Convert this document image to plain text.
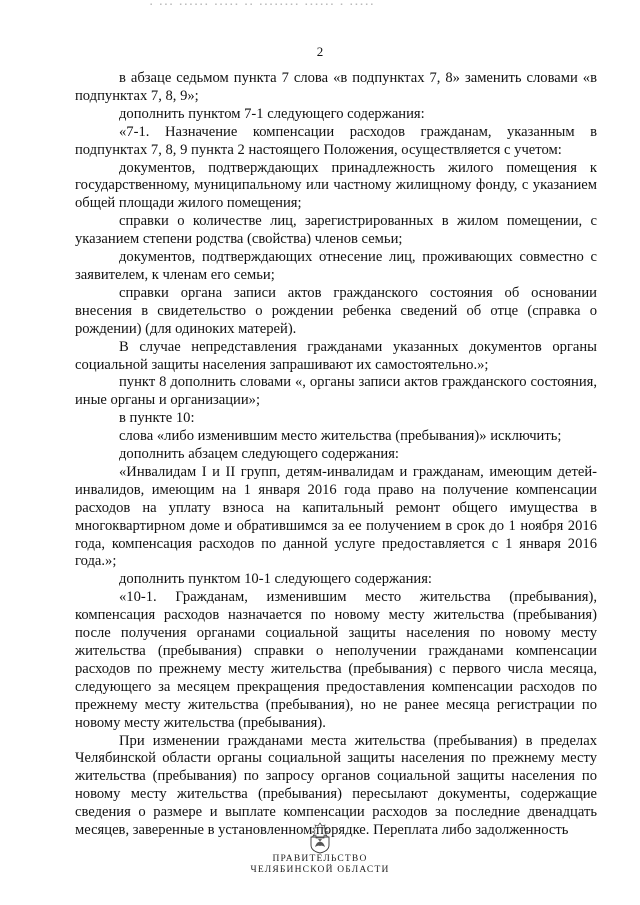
▪ ▪▪▪ ▪▪▪▪▪▪ ▪▪▪▪▪ ▪▪ ▪▪▪▪▪▪▪▪ ▪▪▪▪▪▪ ▪ ▪▪▪▪▪
2

в абзаце седьмом пункта 7 слова «в подпунктах 7, 8» заменить словами «в подпунктах 7, 8, 9»;

дополнить пунктом 7-1 следующего содержания:

«7-1. Назначение компенсации расходов гражданам, указанным в подпунктах 7, 8, 9 пункта 2 настоящего Положения, осуществляется с учетом:

документов, подтверждающих принадлежность жилого помещения к государственному, муниципальному или частному жилищному фонду, с указанием общей площади жилого помещения;

справки о количестве лиц, зарегистрированных в жилом помещении, с указанием степени родства (свойства) членов семьи;

документов, подтверждающих отнесение лиц, проживающих совместно с заявителем, к членам его семьи;

справки органа записи актов гражданского состояния об основании внесения в свидетельство о рождении ребенка сведений об отце (справка о рождении) (для одиноких матерей).

В случае непредставления гражданами указанных документов органы социальной защиты населения запрашивают их самостоятельно.»;

пункт 8 дополнить словами «, органы записи актов гражданского состояния, иные органы и организации»;

в пункте 10:

слова «либо изменившим место жительства (пребывания)» исключить;

дополнить абзацем следующего содержания:

«Инвалидам I и II групп, детям-инвалидам и гражданам, имеющим детей-инвалидов, имеющим на 1 января 2016 года право на получение компенсации расходов на уплату взноса на капитальный ремонт общего имущества в многоквартирном доме и обратившимся за ее получением в срок до 1 ноября 2016 года, компенсация расходов по данной услуге предоставляется с 1 января 2016 года.»;

дополнить пунктом 10-1 следующего содержания:

«10-1. Гражданам, изменившим место жительства (пребывания), компенсация расходов назначается по новому месту жительства (пребывания) после получения органами социальной защиты населения по новому месту жительства (пребывания) справки о неполучении гражданами компенсации расходов по прежнему месту жительства (пребывания) с первого числа месяца, следующего за месяцем прекращения предоставления компенсации расходов по прежнему месту жительства (пребывания), но не ранее месяца регистрации по новому месту жительства (пребывания).

При изменении гражданами места жительства (пребывания) в пределах Челябинской области органы социальной защиты населения по прежнему месту жительства (пребывания) по запросу органов социальной защиты населения по новому месту жительства (пребывания) пересылают документы, содержащие сведения о размере и выплате компенсации расходов за последние двенадцать месяцев, заверенные в установленном порядке. Переплата либо задолженность

ПРАВИТЕЛЬСТВО
ЧЕЛЯБИНСКОЙ ОБЛАСТИ
